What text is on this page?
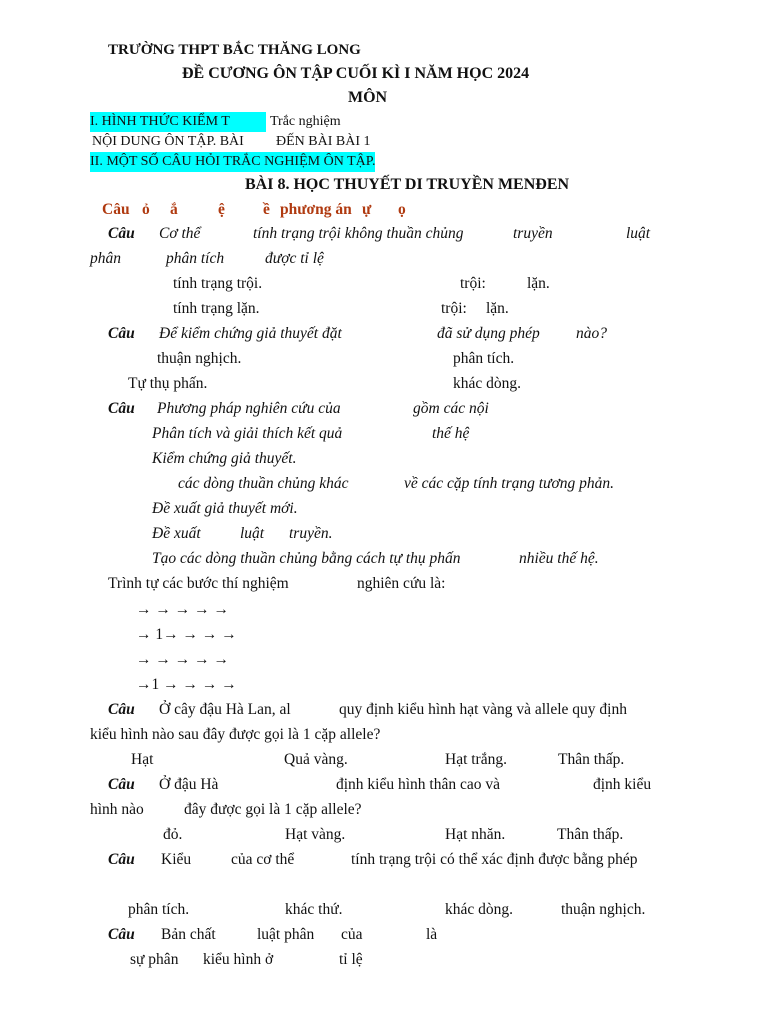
TRƯỜNG THPT BẮC THĂNG LONG
ĐỀ CƯƠNG ÔN TẬP CUỐI KÌ I NĂM HỌC 2024
MÔN
I. HÌNH THỨC KIỂM T	Trắc nghiệm
NỘI DUNG ÔN TẬP. BÀI ĐẾN BÀI BÀI 1
II. MỘT SỐ CÂU HỎI TRẮC NGHIỆM ÔN TẬP.
BÀI 8. HỌC THUYẾT DI TRUYỀN MENĐEN
Câu ỏ ắ	ệ ề phương án ự ọ
Câu Cơ thể	tính trạng trội không thuần chủng	truyền	luật
phân	phân tích	được tỉ lệ
tính trạng trội.	trội:	lặn.
tính trạng lặn.	trội: lặn.
Câu Để kiểm chứng giả thuyết đặt	đã sử dụng phép nào?
thuận nghịch.	phân tích.
Tự thụ phấn.	khác dòng.
Câu Phương pháp nghiên cứu của	gồm các nội
Phân tích và giải thích kết quả	thế hệ
Kiểm chứng giả thuyết.
các dòng thuần chủng khác	về các cặp tính trạng tương phản.
Đề xuất giả thuyết mới.
Đề xuất	luật truyền.
Tạo các dòng thuần chủng bằng cách tự thụ phấn	nhiều thế hệ.
Trình tự các bước thí nghiệm	nghiên cứu là:
→ → → → →
→ 1→ → → →
→ → → → →
→1 → → → →
Câu Ở cây đậu Hà Lan, al	quy định kiểu hình hạt vàng và allele quy định
kiểu hình nào sau đây được gọi là 1 cặp allele?
Hạt	Quả vàng.	Hạt trắng.	Thân thấp.
Câu Ở đậu Hà	định kiểu hình thân cao và	định kiểu
hình nào	đây được gọi là 1 cặp allele?
đỏ.	Hạt vàng.	Hạt nhăn.	Thân thấp.
Câu Kiểu	của cơ thể	tính trạng trội có thể xác định được bằng phép
phân tích.	khác thứ.	khác dòng.	thuận nghịch.
Câu Bản chất	luật phân của	là
sự phân kiểu hình ở	tỉ lệ
